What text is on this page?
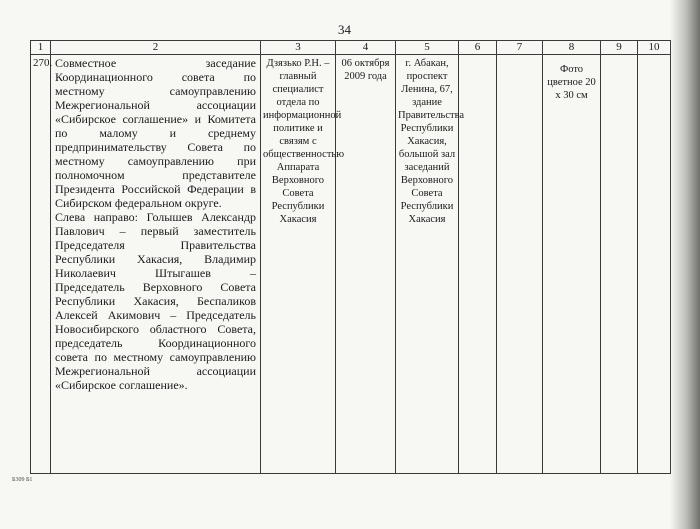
34
1	2	3	4	5	6	7	8	9	10
270.	Совместное заседание Координационного совета по местному самоуправлению Межрегиональной ассоциации «Сибирское соглашение» и Комитета по малому и среднему предпринимательству Совета по местному самоуправлению при полномочном представителе Президента Российской Федерации в Сибирском федеральном округе.

Слева направо: Голышев Александр Павлович – первый заместитель Председателя Правительства Республики Хакасия, Владимир Николаевич Штыгашев – Председатель Верховного Совета Республики Хакасия, Беспаликов Алексей Акимович – Председатель Новосибирского областного Совета, председатель Координационного совета по местному самоуправлению Межрегиональной ассоциации «Сибирское соглашение».	Дзязько Р.Н. – главный специалист отдела по информационной политике и связям с общественностью Аппарата Верховного Совета Республики Хакасия	06 октября 2009 года	г. Абакан, проспект Ленина, 67, здание Правительства Республики Хакасия, большой зал заседаний Верховного Совета Республики Хакасия			Фото цветное 20 х 30 см		
Б309 Б1
